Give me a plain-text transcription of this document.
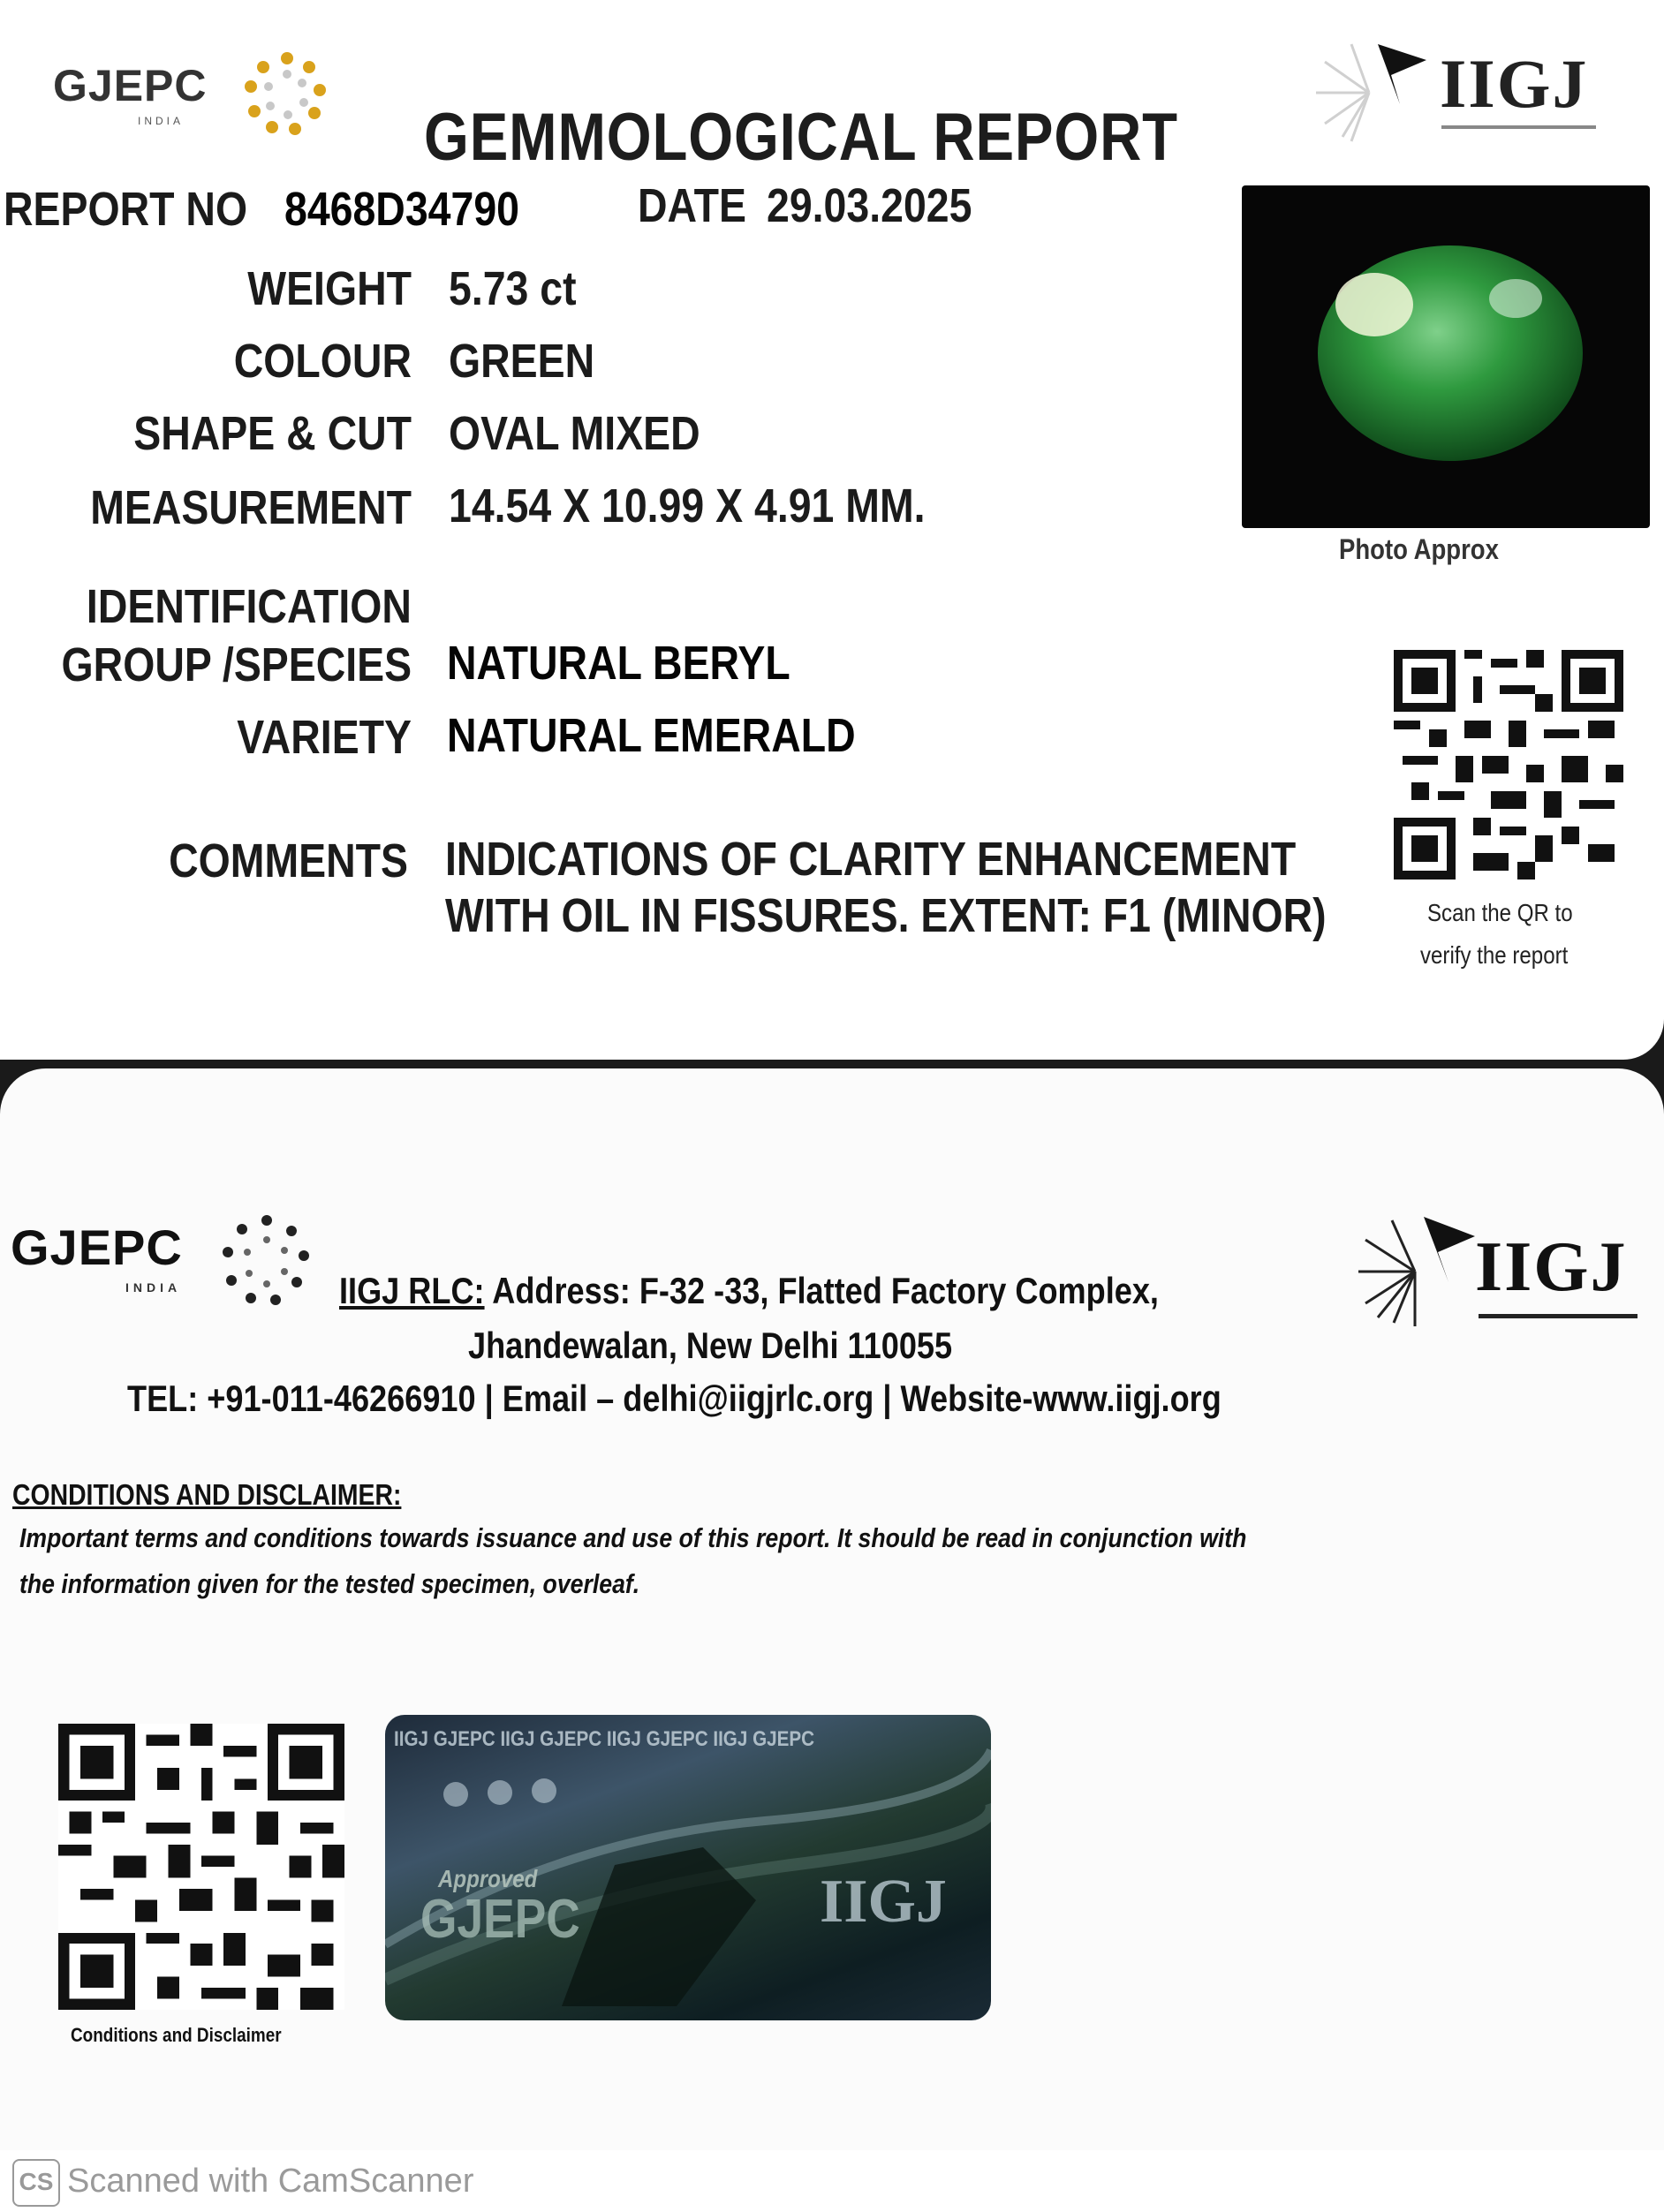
GJEPC
INDIA	IIGJ
GEMMOLOGICAL REPORT
REPORT NO 8468D34790 DATE 29.03.2025
WEIGHT 5.73 ct
COLOUR GREEN
SHAPE & CUT OVAL MIXED
MEASUREMENT 14.54 X 10.99 X 4.91 MM.
IDENTIFICATION
GROUP /SPECIES NATURAL BERYL
VARIETY NATURAL EMERALD
COMMENTS INDICATIONS OF CLARITY ENHANCEMENT
WITH OIL IN FISSURES. EXTENT: F1 (MINOR)
Photo Approx
Scan the QR to
verify the report
GJEPC
INDIA	IIGJ
IIGJ RLC: Address: F-32 -33, Flatted Factory Complex,
Jhandewalan, New Delhi 110055
TEL: +91-011-46266910 | Email – delhi@iigjrlc.org | Website-www.iigj.org
CONDITIONS AND DISCLAIMER:
Important terms and conditions towards issuance and use of this report. It should be read in conjunction with
the information given for the tested specimen, overleaf.
Conditions and Disclaimer
IIGJ GJEPC IIGJ GJEPC IIGJ GJEPC IIGJ GJEPC
Approved
GJEPC	IIGJ
CS Scanned with CamScanner
